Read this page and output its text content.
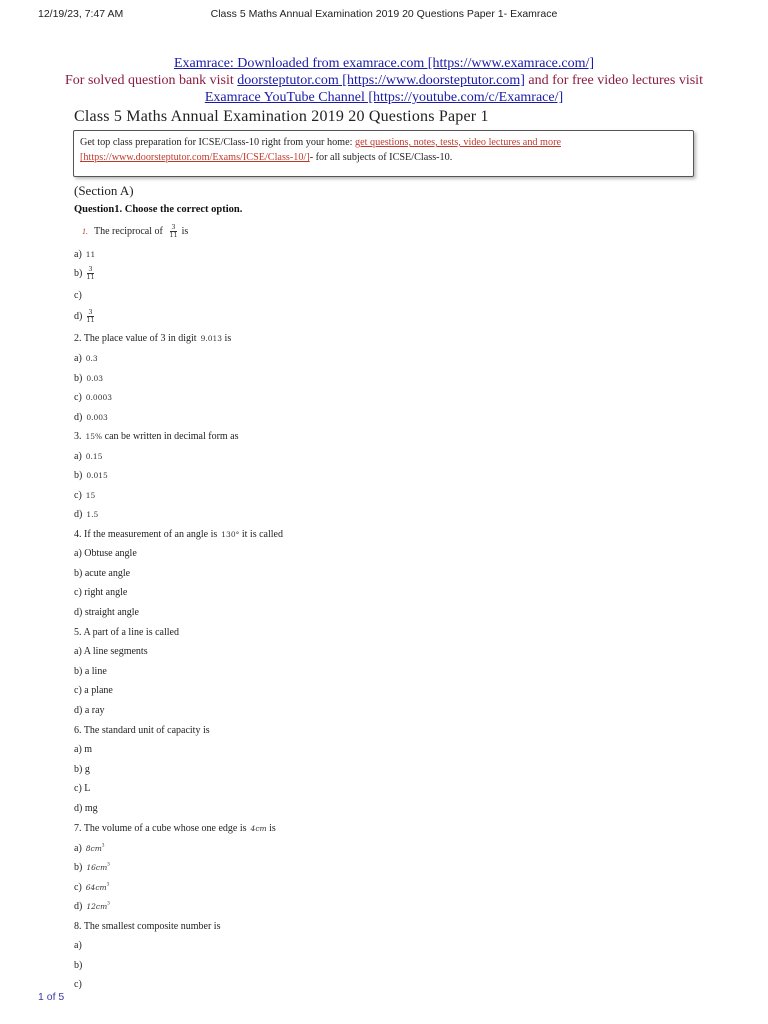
12/19/23, 7:47 AM	Class 5 Maths Annual Examination 2019 20 Questions Paper 1- Examrace
Examrace: Downloaded from examrace.com [https://www.examrace.com/]
For solved question bank visit doorsteptutor.com [https://www.doorsteptutor.com] and for free video lectures visit
Examrace YouTube Channel [https://youtube.com/c/Examrace/]
Class 5 Maths Annual Examination 2019 20 Questions Paper 1
Get top class preparation for ICSE/Class-10 right from your home: get questions, notes, tests, video lectures and more
[https://www.doorsteptutor.com/Exams/ICSE/Class-10/]- for all subjects of ICSE/Class-10.
(Section A)
Question1. Choose the correct option.
1. The reciprocal of $\frac{3}{11}$ is
a) 11
$b) \frac{3}{11}$
c)
$d) \frac{3}{11}$
2. The place value of 3 in digit 9.013 is
a) 0.3
b) 0.03
c) 0.0003
d) 0.003
3. 15% can be written in decimal form as
a) 0.15
b) 0.015
c) 15
d) 1.5
4. If the measurement of an angle is 130° it is called
a) Obtuse angle
b) acute angle
c) right angle
d) straight angle
5. A part of a line is called
a) A line segments
b) a line
c) a plane
d) a ray
6. The standard unit of capacity is
a) m
b) g
c) L
d) mg
7. The volume of a cube whose one edge is 4cm is
a) $8cm^3$
b) $16cm^3$
c) $64cm^3$
d) $12cm^3$
8. The smallest composite number is
a)
b)
c)
1 of 5
